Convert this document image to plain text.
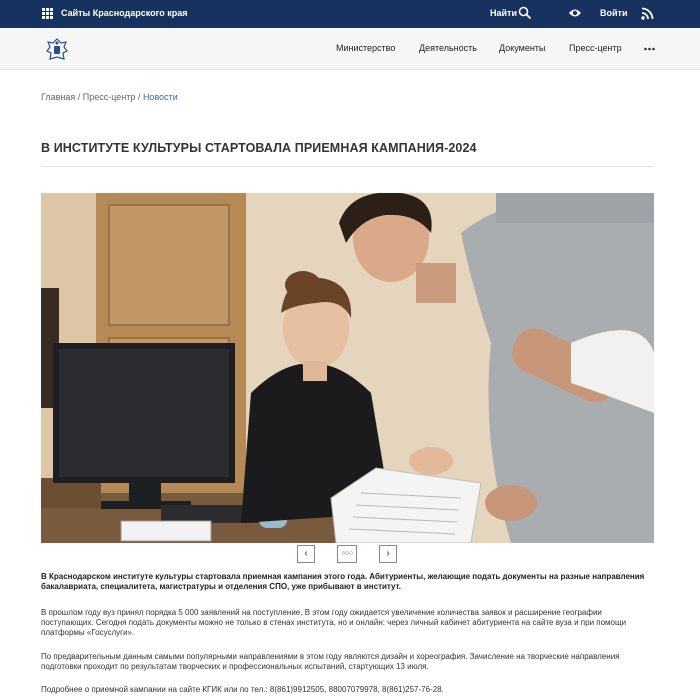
Сайты Краснодарского края	Найти	Войти
Министерство	Деятельность Документы	Пресс-центр
Главная / Пресс-центр / Новости
В ИНСТИТУТЕ КУЛЬТУРЫ СТАРТОВАЛА ПРИЕМНАЯ КАМПАНИЯ-2024
‹	○○○	›

В Краснодарском институте культуры стартовала приемная кампания этого года. Абитуриенты, желающие подать документы на разные направления бакалавриата, специалитета, магистратуры и отделения СПО, уже прибывают в институт.

В прошлом году вуз принял порядка 5 000 заявлений на поступление. В этом году ожидается увеличение количества заявок и расширение географии поступающих. Сегодня подать документы можно не только в стенах института, но и онлайн: через личный кабинет абитуриента на сайте вуза и при помощи платформы «Госуслуги».

По предварительным данным самыми популярными направлениями в этом году являются дизайн и хореография. Зачисление на творческие направления подготовки проходит по результатам творческих и профессиональных испытаний, стартующих 13 июля.

Подробнее о приемной кампании на сайте КГИК или по тел.: 8(861)9912505, 88007079978, 8(861)257-76-28.
